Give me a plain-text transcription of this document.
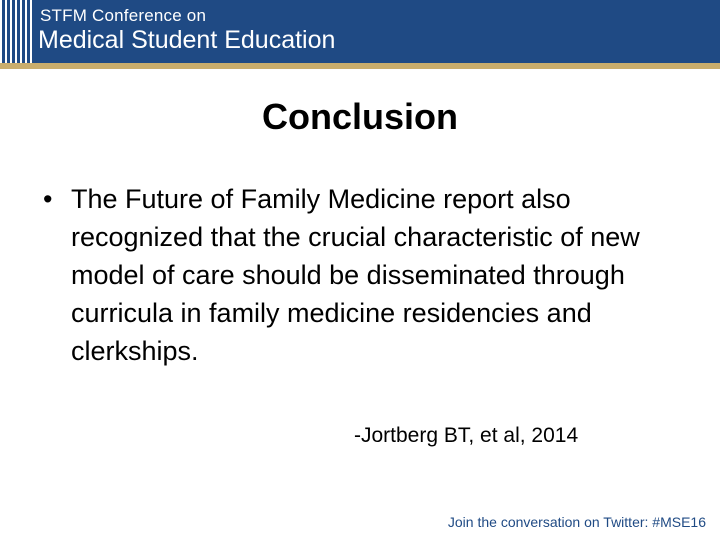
STFM Conference on
Medical Student Education
Conclusion
• The Future of Family Medicine report also recognized that the crucial characteristic of new model of care should be disseminated through curricula in family medicine residencies and clerkships.
-Jortberg BT, et al, 2014
Join the conversation on Twitter: #MSE16
